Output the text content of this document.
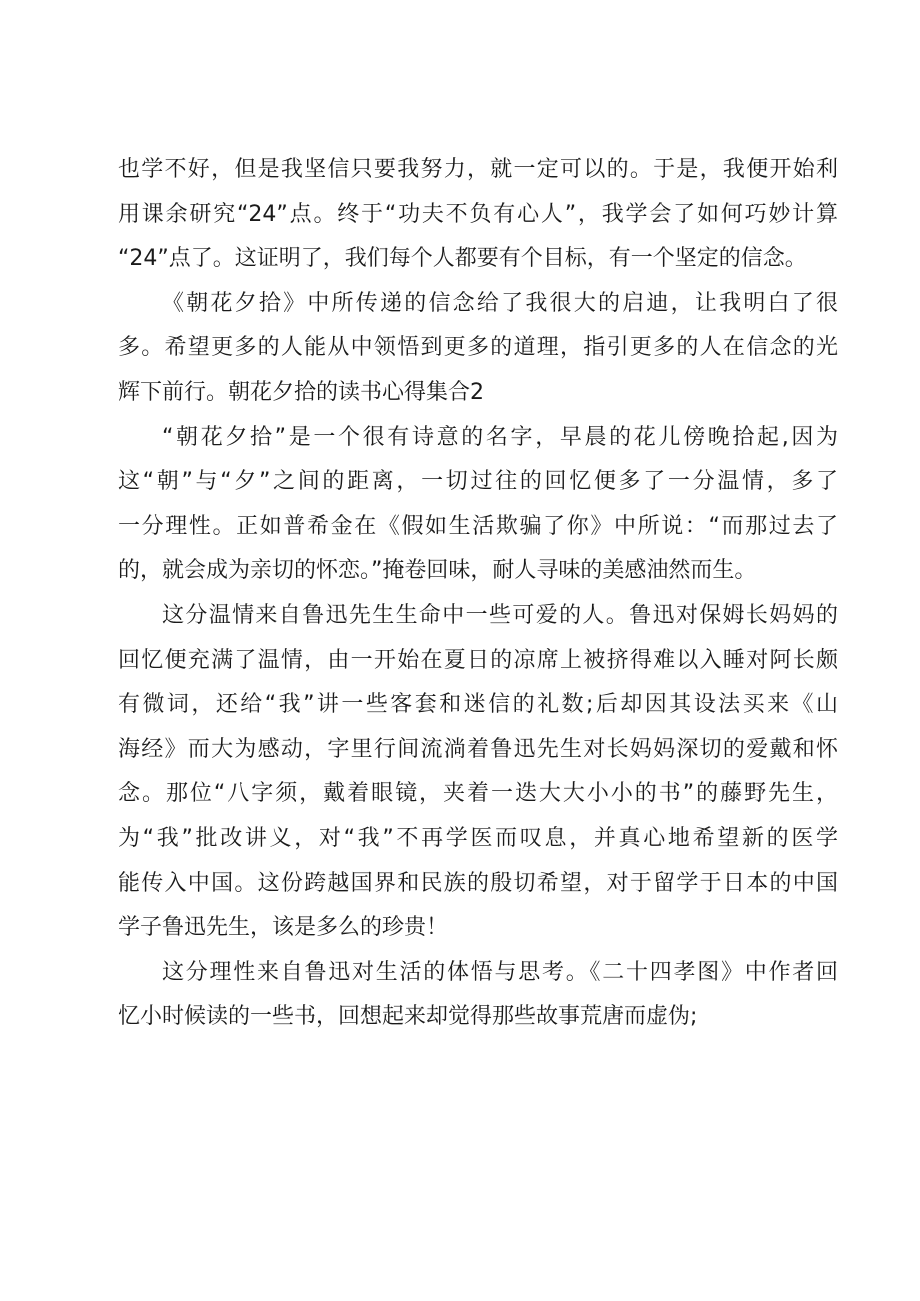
也学不好，但是我坚信只要我努力，就一定可以的。于是，我便开始利
用课余研究“24”点。终于“功夫不负有心人”，我学会了如何巧妙计算
“24”点了。这证明了，我们每个人都要有个目标，有一个坚定的信念。
《朝花夕拾》中所传递的信念给了我很大的启迪，让我明白了很
多。希望更多的人能从中领悟到更多的道理，指引更多的人在信念的光
辉下前行。朝花夕拾的读书心得集合2
“朝花夕拾”是一个很有诗意的名字，早晨的花儿傍晚拾起,因为
这“朝”与“夕”之间的距离，一切过往的回忆便多了一分温情，多了
一分理性。正如普希金在《假如生活欺骗了你》中所说：“而那过去了
的，就会成为亲切的怀恋。”掩卷回味，耐人寻味的美感油然而生。
这分温情来自鲁迅先生生命中一些可爱的人。鲁迅对保姆长妈妈的
回忆便充满了温情，由一开始在夏日的凉席上被挤得难以入睡对阿长颇
有微词，还给“我”讲一些客套和迷信的礼数;后却因其设法买来《山
海经》而大为感动，字里行间流淌着鲁迅先生对长妈妈深切的爱戴和怀
念。那位“八字须，戴着眼镜，夹着一迭大大小小的书”的藤野先生，
为“我”批改讲义，对“我”不再学医而叹息，并真心地希望新的医学
能传入中国。这份跨越国界和民族的殷切希望，对于留学于日本的中国
学子鲁迅先生，该是多么的珍贵！
这分理性来自鲁迅对生活的体悟与思考。《二十四孝图》中作者回
忆小时候读的一些书，回想起来却觉得那些故事荒唐而虚伪;
